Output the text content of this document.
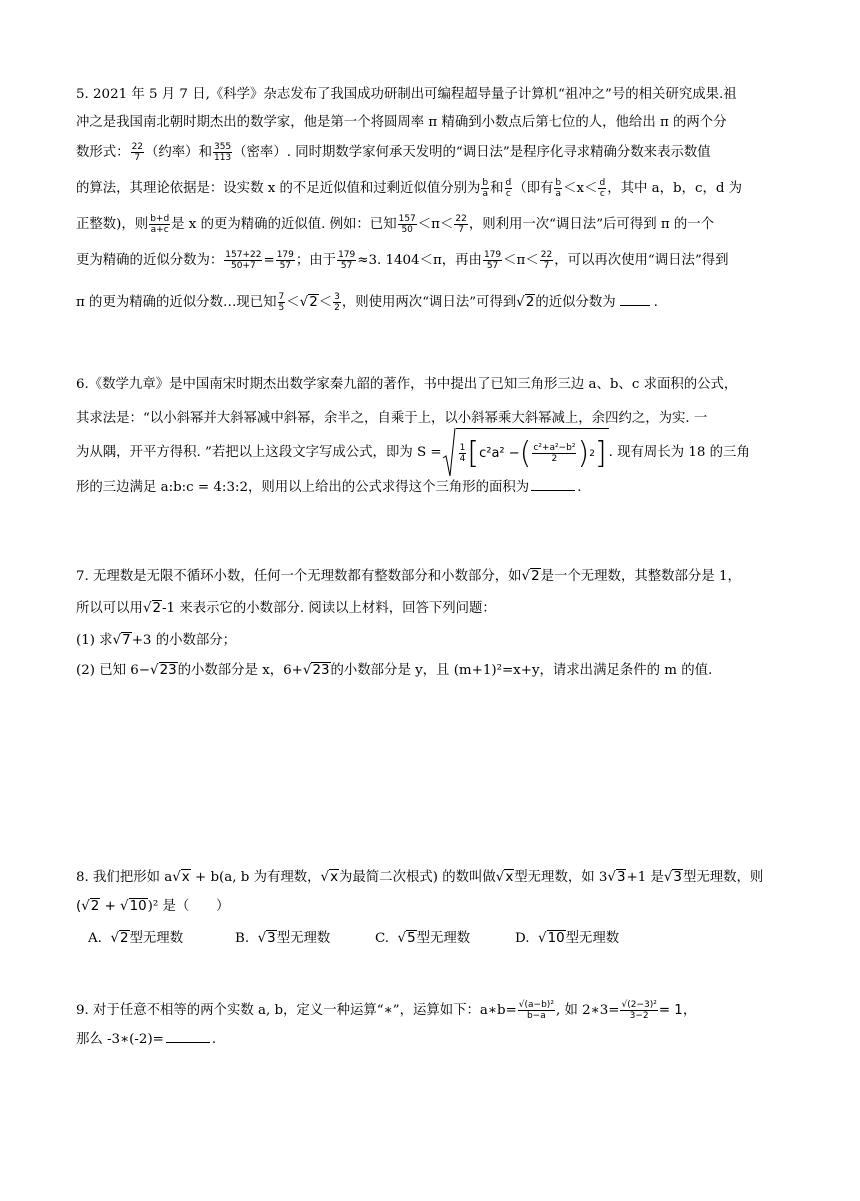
5. 2021 年 5 月 7 日,《科学》杂志发布了我国成功研制出可编程超导量子计算机“祖冲之”号的相关研究成果.祖
冲之是我国南北朝时期杰出的数学家，他是第一个将圆周率 π 精确到小数点后第七位的人，他给出 π 的两个分
数形式： $\frac{22}{7}$ （约率）和 $\frac{355}{113}$ （密率）. 同时期数学家何承天发明的“调日法”是程序化寻求精确分数来表示数值
的算法，其理论依据是：设实数 x 的不足近似值和过剩近似值分别为 $\frac{b}{a}$ 和 $\frac{d}{c}$ （即有 $\frac{b}{a} <x< \frac{d}{c}$ ，其中 a，b，c，d 为
正整数)，则 $\frac{b+d}{a+c}$ 是 x 的更为精确的近似值. 例如：已知 $\frac{157}{50} <\pi< \frac{22}{7}$ ，则利用一次“调日法”后可得到 π 的一个
更为精确的近似分数为： $\frac{157+22}{50+7} = \frac{179}{57}$ ；由于 $\frac{179}{57} \approx 3$. 1404＜π，再由 $\frac{179}{57} <\pi< \frac{22}{7}$ ，可以再次使用“调日法”得到
π 的更为精确的近似分数…现已知 $\frac{7}{5} <√2< \frac{3}{2}$ ，则使用两次“调日法”可得到√2的近似分数为	.
6.《数学九章》是中国南宋时期杰出数学家秦九韶的著作，书中提出了已知三角形三边 a、b、c 求面积的公式，
其求法是：“以小斜幂并大斜幂减中斜幂，余半之，自乘于上，以小斜幂乘大斜幂减上，余四约之，为实. 一
为从隅，开平方得积. ”若把以上这段文字写成公式，即为 $S = \frac{1}{4}$ [ c²a² − ( $\frac{\text{c²+a²−b²}}{2}$ ) 2 ] . 现有周长为 18 的三角
形的三边满足 a:b:c = 4:3:2，则用以上给出的公式求得这个三角形的面积为	.
7. 无理数是无限不循环小数，任何一个无理数都有整数部分和小数部分，如√2是一个无理数，其整数部分是 1，
所以可以用√2-1 来表示它的小数部分. 阅读以上材料，回答下列问题：
(1) 求√7+3 的小数部分；
(2) 已知 6−√23的小数部分是 x，6+√23的小数部分是 y，且 (m+1)²=x+y，请求出满足条件的 m 的值.
8. 我们把形如 a√x + b(a, b 为有理数，√x为最简二次根式) 的数叫做√x型无理数，如 3√3+1 是√3型无理数，则
(√2 + √10)² 是（　　）
A. √2型无理数	B. √3型无理数	C. √5型无理数	D. √10型无理数
9. 对于任意不相等的两个实数 a, b，定义一种运算“∗”，运算如下：a∗b= $\frac{\text{√(a−b)²}}{b-a}$ , 如 2∗3= $\frac{\text{√(2−3)²}}{3-2} = 1$，
那么 -3∗(-2)=	.
